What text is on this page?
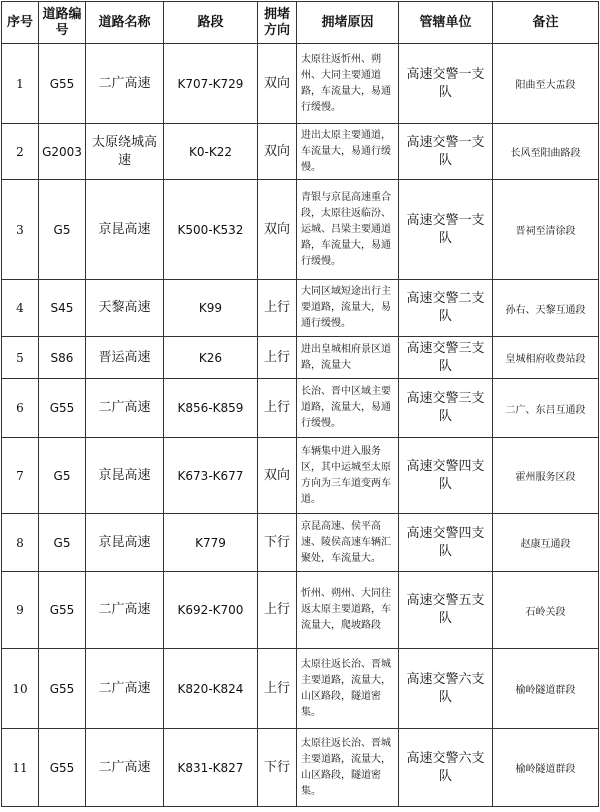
序号	道路编号	道路名称	路段	拥堵方向	拥堵原因	管辖单位	备注
1	G55	二广高速	K707-K729	双向	太原往返忻州、朔州、大同主要通道路，车流量大，易通行缓慢。	高速交警一支队	阳曲至大盂段
2	G2003	太原绕城高速	K0-K22	双向	进出太原主要通道，车流量大，易通行缓慢。	高速交警一支队	长风至阳曲路段
3	G5	京昆高速	K500-K532	双向	青银与京昆高速重合段，太原往返临汾、运城、吕梁主要通道路，车流量大，易通行缓慢。	高速交警一支队	晋祠至清徐段
4	S45	天黎高速	K99	上行	大同区域短途出行主要道路，流量大，易通行缓慢。	高速交警二支队	孙右、天黎互通段
5	S86	晋运高速	K26	上行	进出皇城相府景区道路，流量大	高速交警三支队	皇城相府收费站段
6	G55	二广高速	K856-K859	上行	长治、晋中区域主要道路，流量大，易通行缓慢。	高速交警三支队	二广、东吕互通段
7	G5	京昆高速	K673-K677	双向	车辆集中进入服务区，其中运城至太原方向为三车道变两车道。	高速交警四支队	霍州服务区段
8	G5	京昆高速	K779	下行	京昆高速、侯平高速、陵侯高速车辆汇聚处，车流量大。	高速交警四支队	赵康互通段
9	G55	二广高速	K692-K700	上行	忻州、朔州、大同往返太原主要道路，车流量大，爬坡路段	高速交警五支队	石岭关段
10	G55	二广高速	K820-K824	上行	太原往返长治、晋城主要道路，流量大，山区路段，隧道密集。	高速交警六支队	榆岭隧道群段
11	G55	二广高速	K831-K827	下行	太原往返长治、晋城主要道路，流量大，山区路段，隧道密集。	高速交警六支队	榆岭隧道群段
